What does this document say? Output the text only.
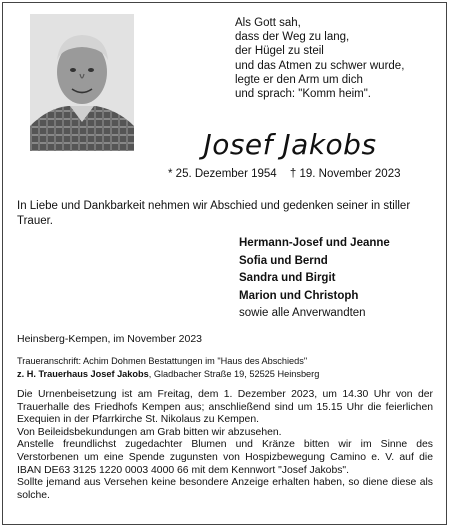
Als Gott sah,
dass der Weg zu lang,
der Hügel zu steil
und das Atmen zu schwer wurde,
legte er den Arm um dich
und sprach: "Komm heim".
Josef Jakobs
* 25. Dezember 1954 † 19. November 2023
In Liebe und Dankbarkeit nehmen wir Abschied und gedenken seiner in stiller Trauer.
Hermann-Josef und Jeanne
Sofia und Bernd
Sandra und Birgit
Marion und Christoph
sowie alle Anverwandten
Heinsberg-Kempen, im November 2023
Traueranschrift: Achim Dohmen Bestattungen im "Haus des Abschieds"
z. H. Trauerhaus Josef Jakobs, Gladbacher Straße 19, 52525 Heinsberg

Die Urnenbeisetzung ist am Freitag, dem 1. Dezember 2023, um 14.30 Uhr von der Trauerhalle des Friedhofs Kempen aus; anschließend sind um 15.15 Uhr die feierlichen Exequien in der Pfarrkirche St. Nikolaus zu Kempen.

Von Beileidsbekundungen am Grab bitten wir abzusehen.

Anstelle freundlichst zugedachter Blumen und Kränze bitten wir im Sinne des Verstorbenen um eine Spende zugunsten von Hospizbewegung Camino e. V. auf die IBAN DE63 3125 1220 0003 4000 66 mit dem Kennwort "Josef Jakobs".

Sollte jemand aus Versehen keine besondere Anzeige erhalten haben, so diene diese als solche.
